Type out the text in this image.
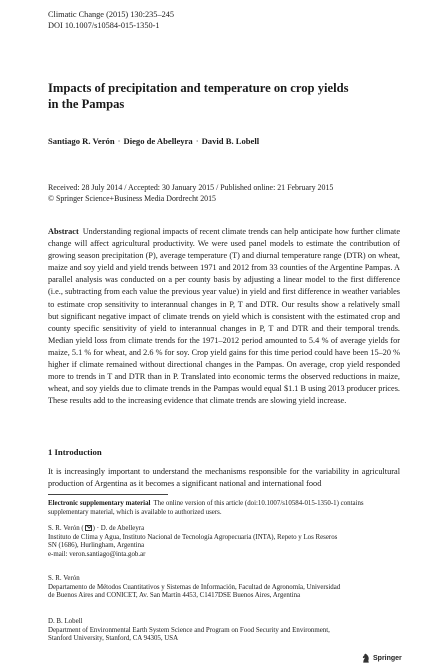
Climatic Change (2015) 130:235–245
DOI 10.1007/s10584-015-1350-1
Impacts of precipitation and temperature on crop yields
in the Pampas
Santiago R. Verón · Diego de Abelleyra · David B. Lobell
Received: 28 July 2014 / Accepted: 30 January 2015 / Published online: 21 February 2015
© Springer Science+Business Media Dordrecht 2015
Abstract Understanding regional impacts of recent climate trends can help anticipate how further climate change will affect agricultural productivity. We were used panel models to estimate the contribution of growing season precipitation (P), average temperature (T) and diurnal temperature range (DTR) on wheat, maize and soy yield and yield trends between 1971 and 2012 from 33 counties of the Argentine Pampas. A parallel analysis was conducted on a per county basis by adjusting a linear model to the first difference (i.e., subtracting from each value the previous year value) in yield and first difference in weather variables to estimate crop sensitivity to interannual changes in P, T and DTR. Our results show a relatively small but significant negative impact of climate trends on yield which is consistent with the estimated crop and county specific sensitivity of yield to interannual changes in P, T and DTR and their temporal trends. Median yield loss from climate trends for the 1971–2012 period amounted to 5.4 % of average yields for maize, 5.1 % for wheat, and 2.6 % for soy. Crop yield gains for this time period could have been 15–20 % higher if climate remained without directional changes in the Pampas. On average, crop yield responded more to trends in T and DTR than in P. Translated into economic terms the observed reductions in maize, wheat, and soy yields due to climate trends in the Pampas would equal $1.1 B using 2013 producer prices. These results add to the increasing evidence that climate trends are slowing yield increase.
1 Introduction
It is increasingly important to understand the mechanisms responsible for the variability in agricultural production of Argentina as it becomes a significant national and international food
Electronic supplementary material The online version of this article (doi:10.1007/s10584-015-1350-1) contains supplementary material, which is available to authorized users.
S. R. Verón ( ) · D. de Abelleyra
Instituto de Clima y Agua, Instituto Nacional de Tecnología Agropecuaria (INTA), Repeto y Los Reseros
SN (1686), Hurlingham, Argentina
e-mail: veron.santiago@inta.gob.ar
S. R. Verón
Departamento de Métodos Cuantitativos y Sistemas de Información, Facultad de Agronomía, Universidad
de Buenos Aires and CONICET, Av. San Martín 4453, C1417DSE Buenos Aires, Argentina
D. B. Lobell
Department of Environmental Earth System Science and Program on Food Security and Environment,
Stanford University, Stanford, CA 94305, USA
Springer
